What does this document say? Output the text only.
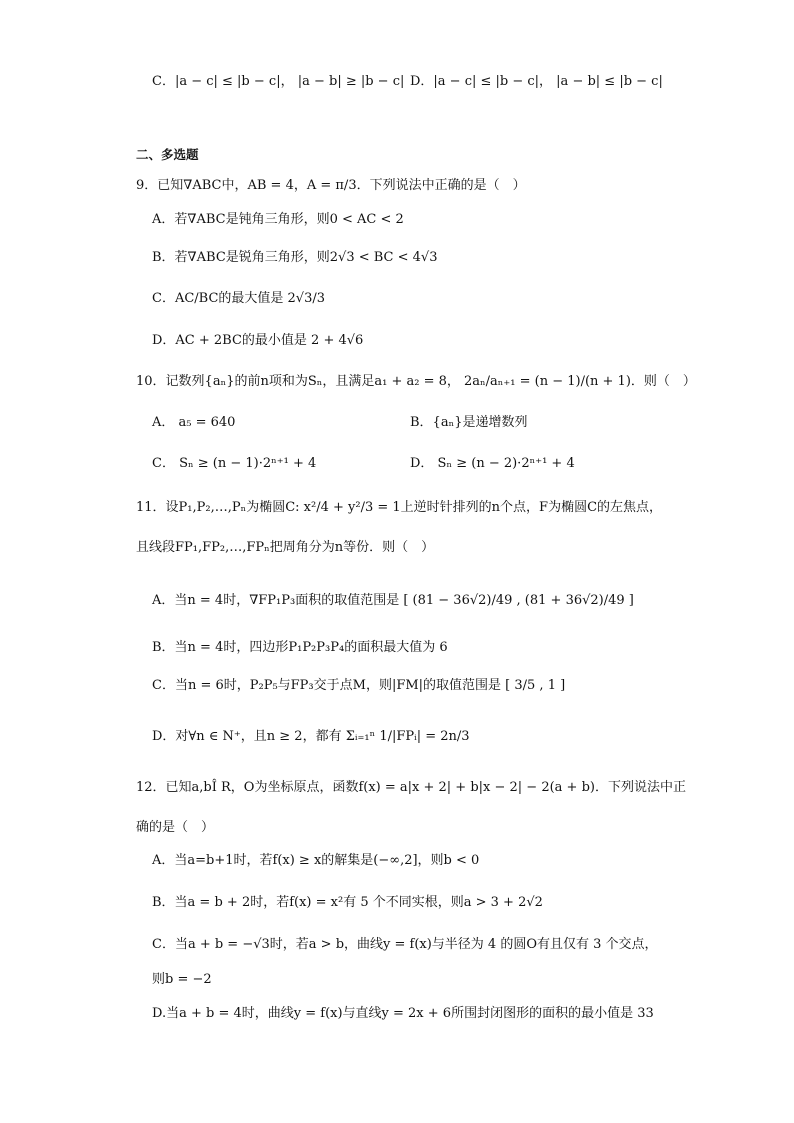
C．|a − c| ≤ |b − c|， |a − b| ≥ |b − c| D．|a − c| ≤ |b − c|， |a − b| ≤ |b − c|
二、多选题
9．已知∇ABC中，AB = 4，A = π/3．下列说法中正确的是（　）
A．若∇ABC是钝角三角形，则0 < AC < 2
B．若∇ABC是锐角三角形，则2√3 < BC < 4√3
C．AC/BC的最大值是 2√3/3
D．AC + 2BC的最小值是 2 + 4√6
10．记数列{aₙ}的前n项和为Sₙ，且满足a₁ + a₂ = 8， 2aₙ/aₙ₊₁ = (n − 1)/(n + 1)．则（　）
A． a₅ = 640	B．{aₙ}是递增数列
C． Sₙ ≥ (n − 1)·2ⁿ⁺¹ + 4	D． Sₙ ≥ (n − 2)·2ⁿ⁺¹ + 4
11．设P₁,P₂,…,Pₙ为椭圆C: x²/4 + y²/3 = 1上逆时针排列的n个点，F为椭圆C的左焦点，
且线段FP₁,FP₂,…,FPₙ把周角分为n等份．则（　）
A．当n = 4时，∇FP₁P₃面积的取值范围是 [ (81 − 36√2)/49 , (81 + 36√2)/49 ]
B．当n = 4时，四边形P₁P₂P₃P₄的面积最大值为 6
C．当n = 6时，P₂P₅与FP₃交于点M，则|FM|的取值范围是 [ 3/5 , 1 ]
D．对∀n ∈ N⁺，且n ≥ 2，都有 Σᵢ₌₁ⁿ 1/|FPᵢ| = 2n/3
12．已知a,bÎ R，O为坐标原点，函数f(x) = a|x + 2| + b|x − 2| − 2(a + b)．下列说法中正
确的是（　）
A．当a=b+1时，若f(x) ≥ x的解集是(−∞,2]，则b < 0
B．当a = b + 2时，若f(x) = x²有 5 个不同实根，则a > 3 + 2√2
C．当a + b = −√3时，若a > b，曲线y = f(x)与半径为 4 的圆O有且仅有 3 个交点，
则b = −2
D.当a + b = 4时，曲线y = f(x)与直线y = 2x + 6所围封闭图形的面积的最小值是 33
